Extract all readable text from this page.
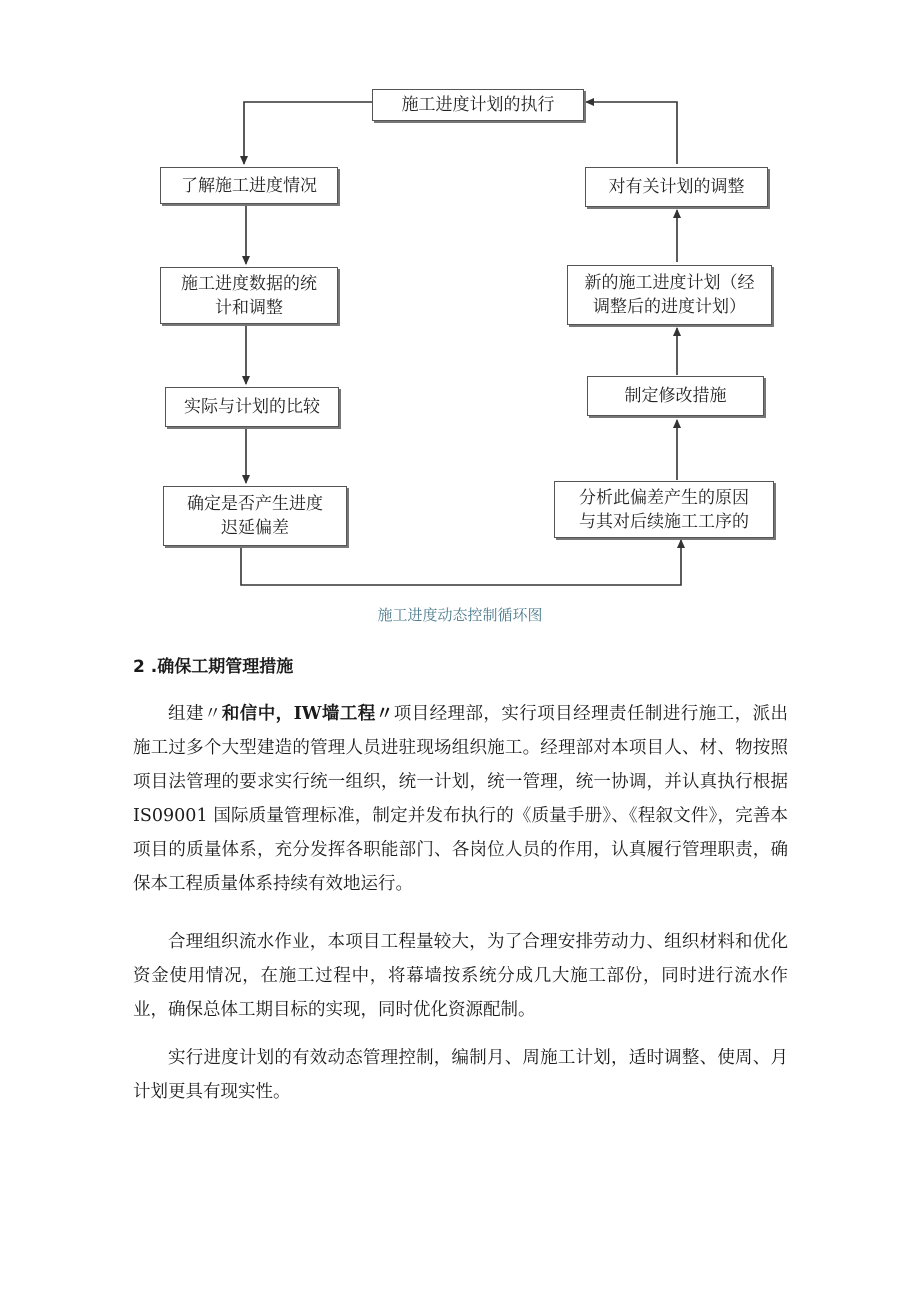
施工进度计划的执行
了解施工进度情况
施工进度数据的统
计和调整
实际与计划的比较
确定是否产生进度
迟延偏差
对有关计划的调整
新的施工进度计划（经
调整后的进度计划）
制定修改措施
分析此偏差产生的原因
与其对后续施工工序的
施工进度动态控制循环图
2 .确保工期管理措施
组建〃和信中，IW墙工程〃项目经理部，实行项目经理责任制进行施工，派出施工过多个大型建造的管理人员进驻现场组织施工。经理部对本项目人、材、物按照项目法管理的要求实行统一组织，统一计划，统一管理，统一协调，并认真执行根据 IS09001 国际质量管理标准，制定并发布执行的《质量手册》、《程叙文件》，完善本项目的质量体系，充分发挥各职能部门、各岗位人员的作用，认真履行管理职责，确保本工程质量体系持续有效地运行。
合理组织流水作业，本项目工程量较大，为了合理安排劳动力、组织材料和优化资金使用情况，在施工过程中，将幕墙按系统分成几大施工部份，同时进行流水作业，确保总体工期目标的实现，同时优化资源配制。
实行进度计划的有效动态管理控制，编制月、周施工计划，适时调整、使周、月计划更具有现实性。
